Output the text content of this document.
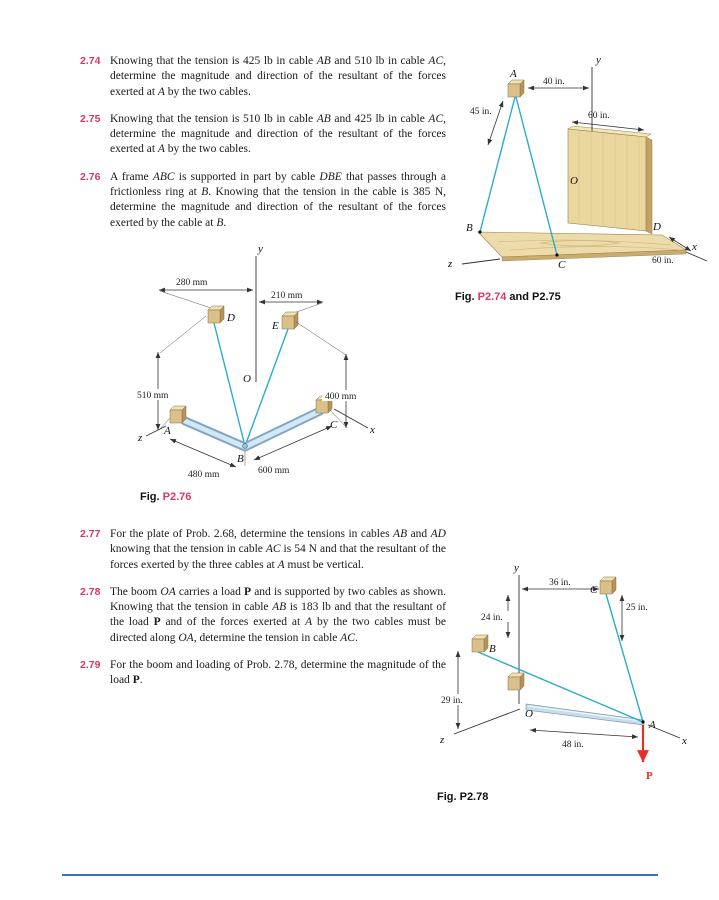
2.74 Knowing that the tension is 425 lb in cable AB and 510 lb in cable AC, determine the magnitude and direction of the resultant of the forces exerted at A by the two cables.
2.75 Knowing that the tension is 510 lb in cable AB and 425 lb in cable AC, determine the magnitude and direction of the resultant of the forces exerted at A by the two cables.
2.76 A frame ABC is supported in part by cable DBE that passes through a frictionless ring at B. Knowing that the tension in the cable is 385 N, determine the magnitude and direction of the resultant of the forces exerted by the cable at B.
2.77 For the plate of Prob. 2.68, determine the tensions in cables AB and AD knowing that the tension in cable AC is 54 N and that the resultant of the forces exerted by the three cables at A must be vertical.
2.78 The boom OA carries a load P and is supported by two cables as shown. Knowing that the tension in cable AB is 183 lb and that the resultant of the load P and of the forces exerted at A by the two cables must be directed along OA, determine the tension in cable AC.
2.79 For the boom and loading of Prob. 2.78, determine the magnitude of the load P.
y
A
40 in.
45 in.	60 in.
60 in.
z
x
O
B	D
C
Fig. P2.74 and P2.75
y
O
280 mm
210 mm
D
E
A	C
510 mm	400 mm
480 mm
B
600 mm
z
x
Fig. P2.76
y
36 in.
C
25 in.
24 in.
B
29 in.
O
A
48 in.
z	x
P
Fig. P2.78
